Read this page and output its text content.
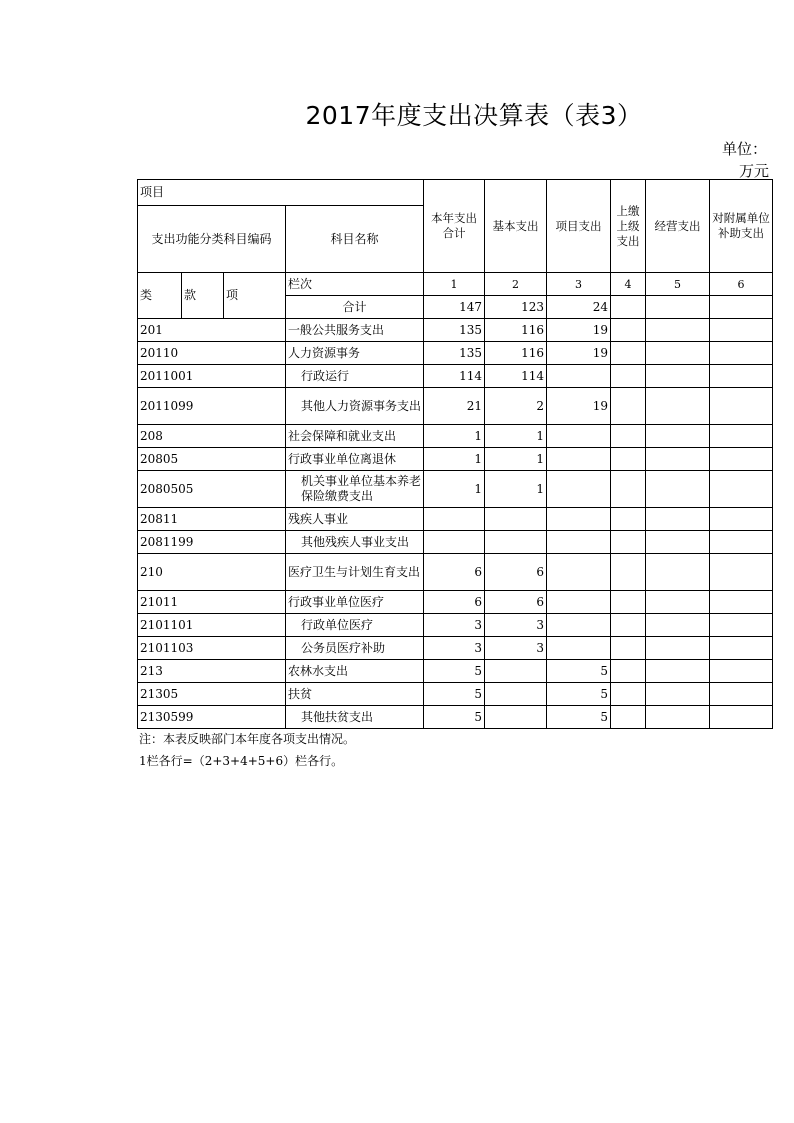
2017年度支出决算表（表3）
单位：
万元
项目				本年支出合计	基本支出	项目支出	上缴上级支出	经营支出	对附属单位补助支出
支出功能分类科目编码			科目名称						
类	款	项	栏次	1	2	3	4	5	6
			合计	147	123	24			
201			一般公共服务支出	135	116	19			
20110			人力资源事务	135	116	19			
2011001			行政运行	114	114				
2011099			其他人力资源事务支出	21	2	19			
208			社会保障和就业支出	1	1				
20805			行政事业单位离退休	1	1				
2080505			机关事业单位基本养老保险缴费支出	1	1				
20811			残疾人事业						
2081199			其他残疾人事业支出						
210			医疗卫生与计划生育支出	6	6				
21011			行政事业单位医疗	6	6				
2101101			行政单位医疗	3	3				
2101103			公务员医疗补助	3	3				
213			农林水支出	5		5			
21305			扶贫	5		5			
2130599			其他扶贫支出	5		5			
注：本表反映部门本年度各项支出情况。
1栏各行=（2+3+4+5+6）栏各行。
